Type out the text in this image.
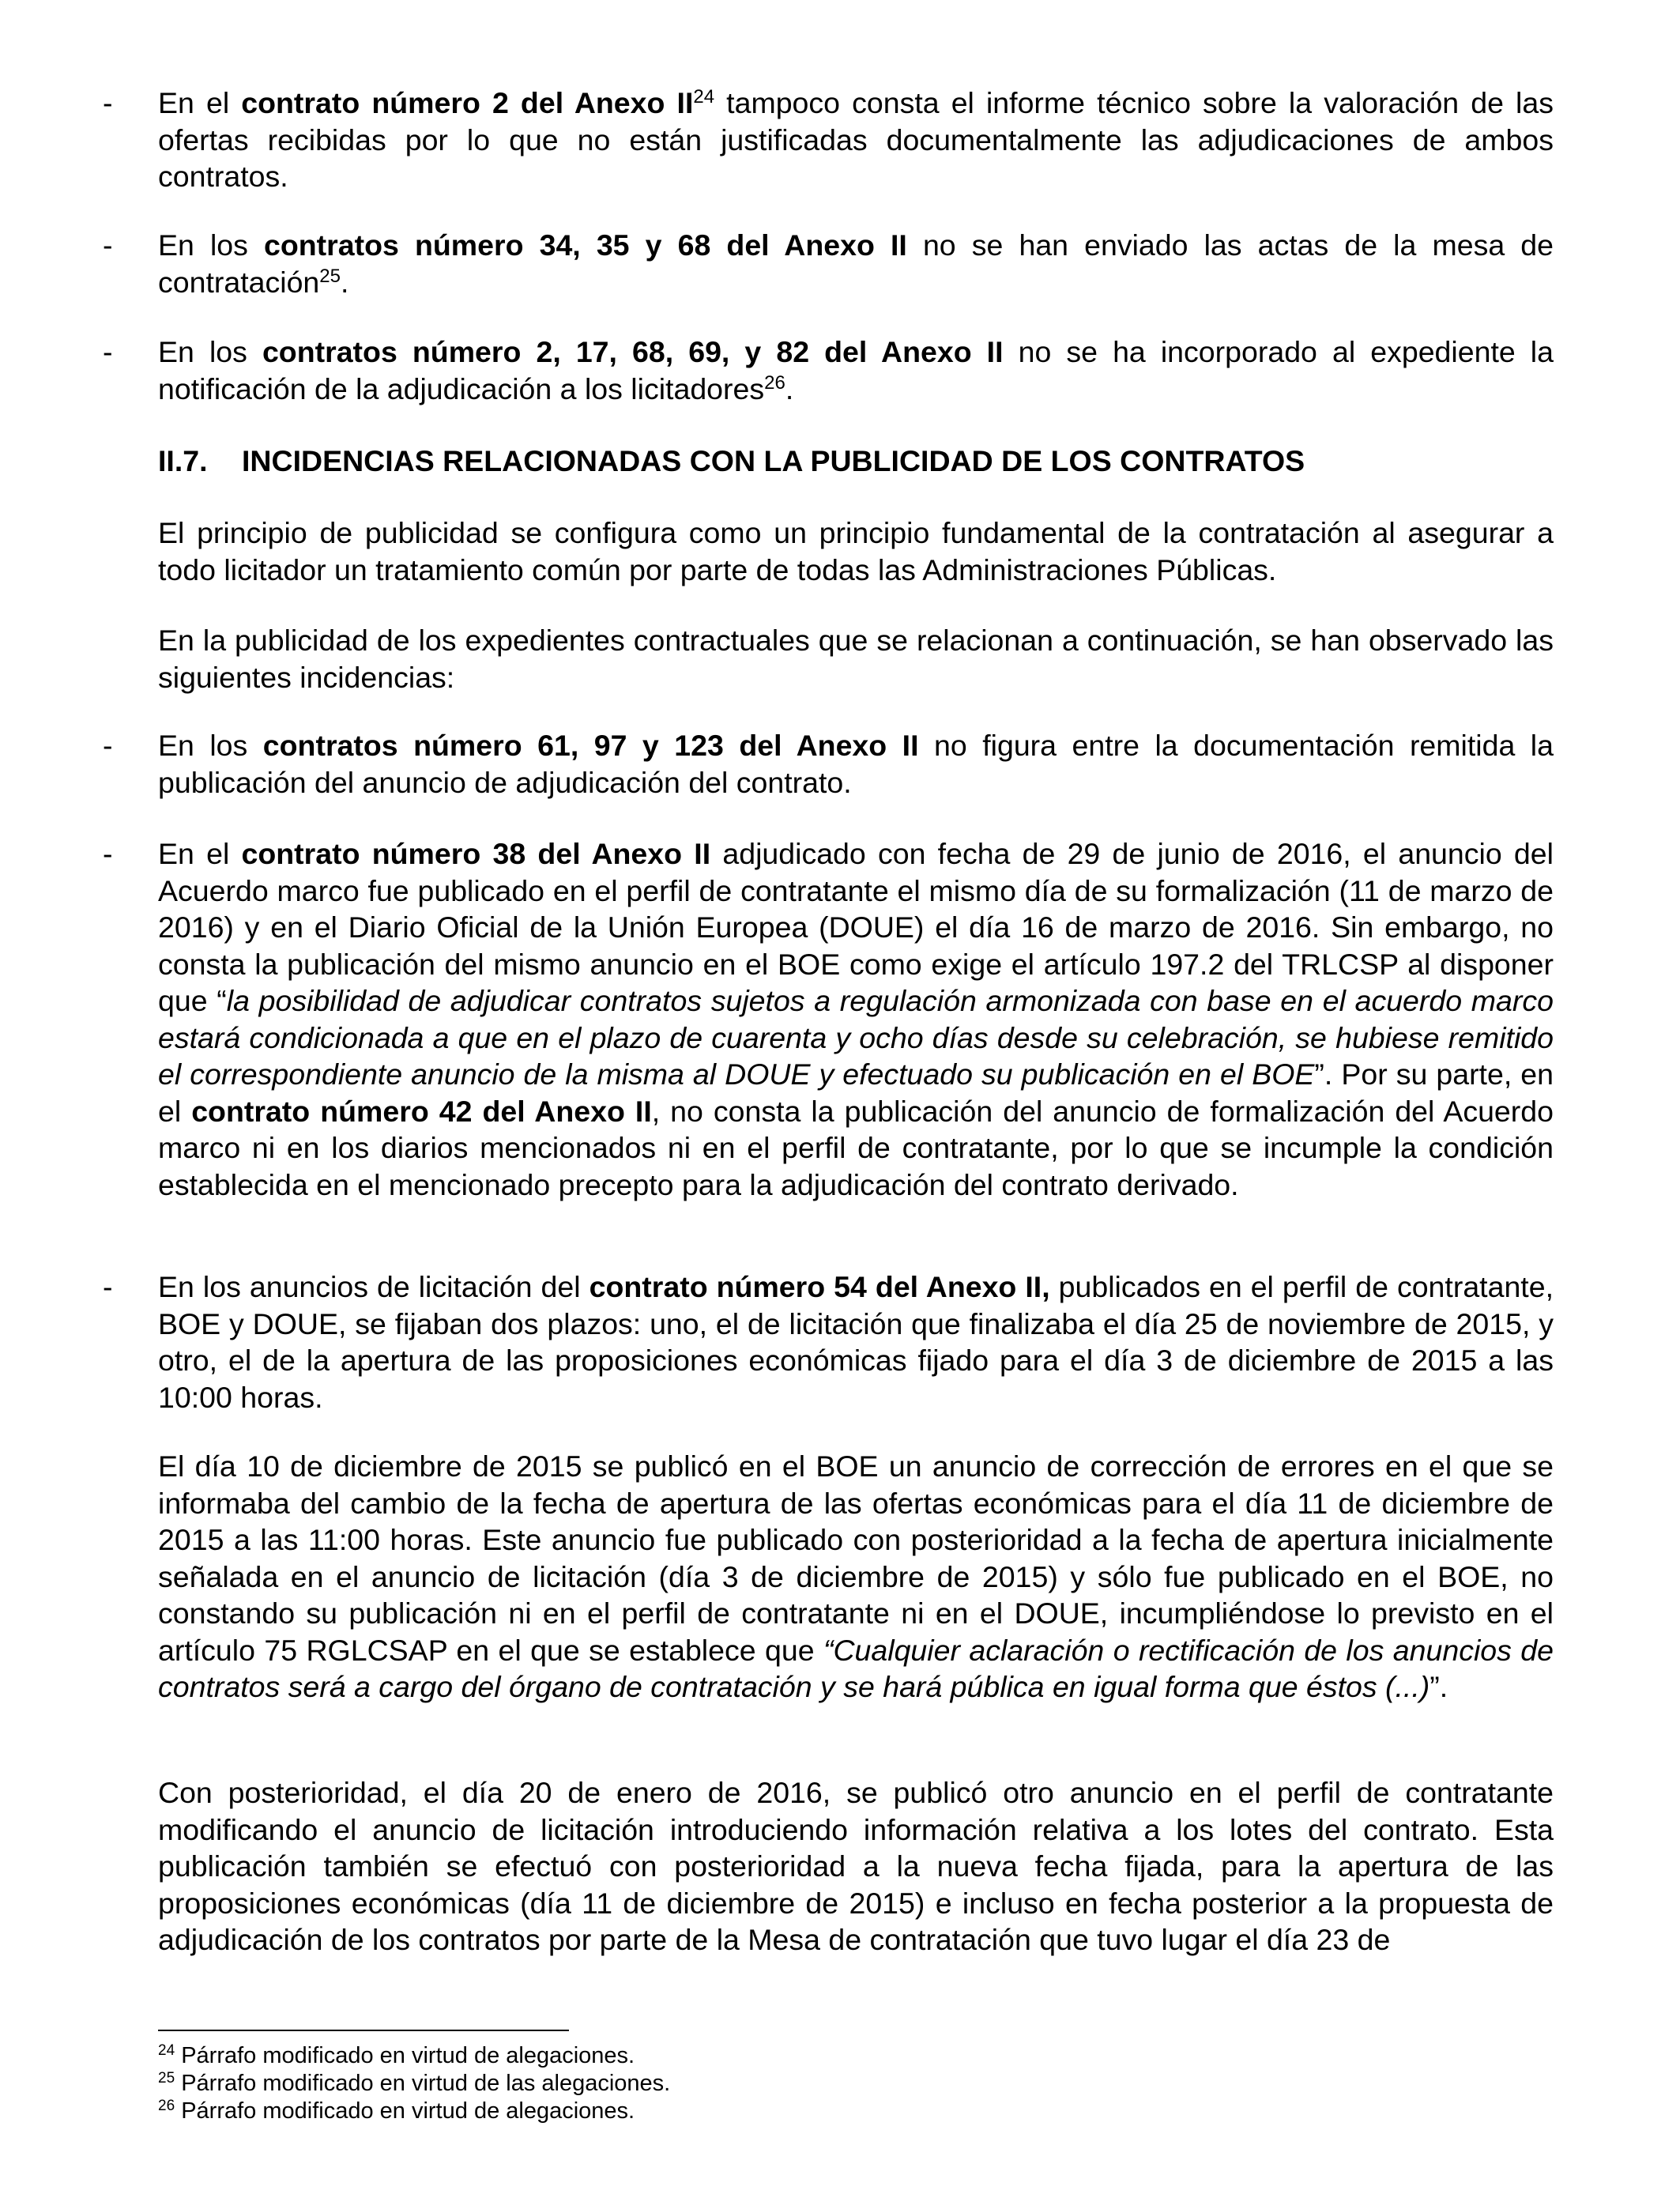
- En el contrato número 2 del Anexo II$^{24}$ tampoco consta el informe técnico sobre la valoración de las ofertas recibidas por lo que no están justificadas documentalmente las adjudicaciones de ambos contratos.
- En los contratos número 34, 35 y 68 del Anexo II no se han enviado las actas de la mesa de contratación$^{25}$.
- En los contratos número 2, 17, 68, 69, y 82 del Anexo II no se ha incorporado al expediente la notificación de la adjudicación a los licitadores$^{26}$.
II.7. INCIDENCIAS RELACIONADAS CON LA PUBLICIDAD DE LOS CONTRATOS
El principio de publicidad se configura como un principio fundamental de la contratación al asegurar a todo licitador un tratamiento común por parte de todas las Administraciones Públicas.
En la publicidad de los expedientes contractuales que se relacionan a continuación, se han observado las siguientes incidencias:
- En los contratos número 61, 97 y 123 del Anexo II no figura entre la documentación remitida la publicación del anuncio de adjudicación del contrato.
- En el contrato número 38 del Anexo II adjudicado con fecha de 29 de junio de 2016, el anuncio del Acuerdo marco fue publicado en el perfil de contratante el mismo día de su formalización (11 de marzo de 2016) y en el Diario Oficial de la Unión Europea (DOUE) el día 16 de marzo de 2016. Sin embargo, no consta la publicación del mismo anuncio en el BOE como exige el artículo 197.2 del TRLCSP al disponer que “la posibilidad de adjudicar contratos sujetos a regulación armonizada con base en el acuerdo marco estará condicionada a que en el plazo de cuarenta y ocho días desde su celebración, se hubiese remitido el correspondiente anuncio de la misma al DOUE y efectuado su publicación en el BOE”. Por su parte, en el contrato número 42 del Anexo II, no consta la publicación del anuncio de formalización del Acuerdo marco ni en los diarios mencionados ni en el perfil de contratante, por lo que se incumple la condición establecida en el mencionado precepto para la adjudicación del contrato derivado.
- En los anuncios de licitación del contrato número 54 del Anexo II, publicados en el perfil de contratante, BOE y DOUE, se fijaban dos plazos: uno, el de licitación que finalizaba el día 25 de noviembre de 2015, y otro, el de la apertura de las proposiciones económicas fijado para el día 3 de diciembre de 2015 a las 10:00 horas.
El día 10 de diciembre de 2015 se publicó en el BOE un anuncio de corrección de errores en el que se informaba del cambio de la fecha de apertura de las ofertas económicas para el día 11 de diciembre de 2015 a las 11:00 horas. Este anuncio fue publicado con posterioridad a la fecha de apertura inicialmente señalada en el anuncio de licitación (día 3 de diciembre de 2015) y sólo fue publicado en el BOE, no constando su publicación ni en el perfil de contratante ni en el DOUE, incumpliéndose lo previsto en el artículo 75 RGLCSAP en el que se establece que “Cualquier aclaración o rectificación de los anuncios de contratos será a cargo del órgano de contratación y se hará pública en igual forma que éstos (...)”.
Con posterioridad, el día 20 de enero de 2016, se publicó otro anuncio en el perfil de contratante modificando el anuncio de licitación introduciendo información relativa a los lotes del contrato. Esta publicación también se efectuó con posterioridad a la nueva fecha fijada, para la apertura de las proposiciones económicas (día 11 de diciembre de 2015) e incluso en fecha posterior a la propuesta de adjudicación de los contratos por parte de la Mesa de contratación que tuvo lugar el día 23 de
$^{24}$ Párrafo modificado en virtud de alegaciones.
$^{25}$ Párrafo modificado en virtud de las alegaciones.
$^{26}$ Párrafo modificado en virtud de alegaciones.
